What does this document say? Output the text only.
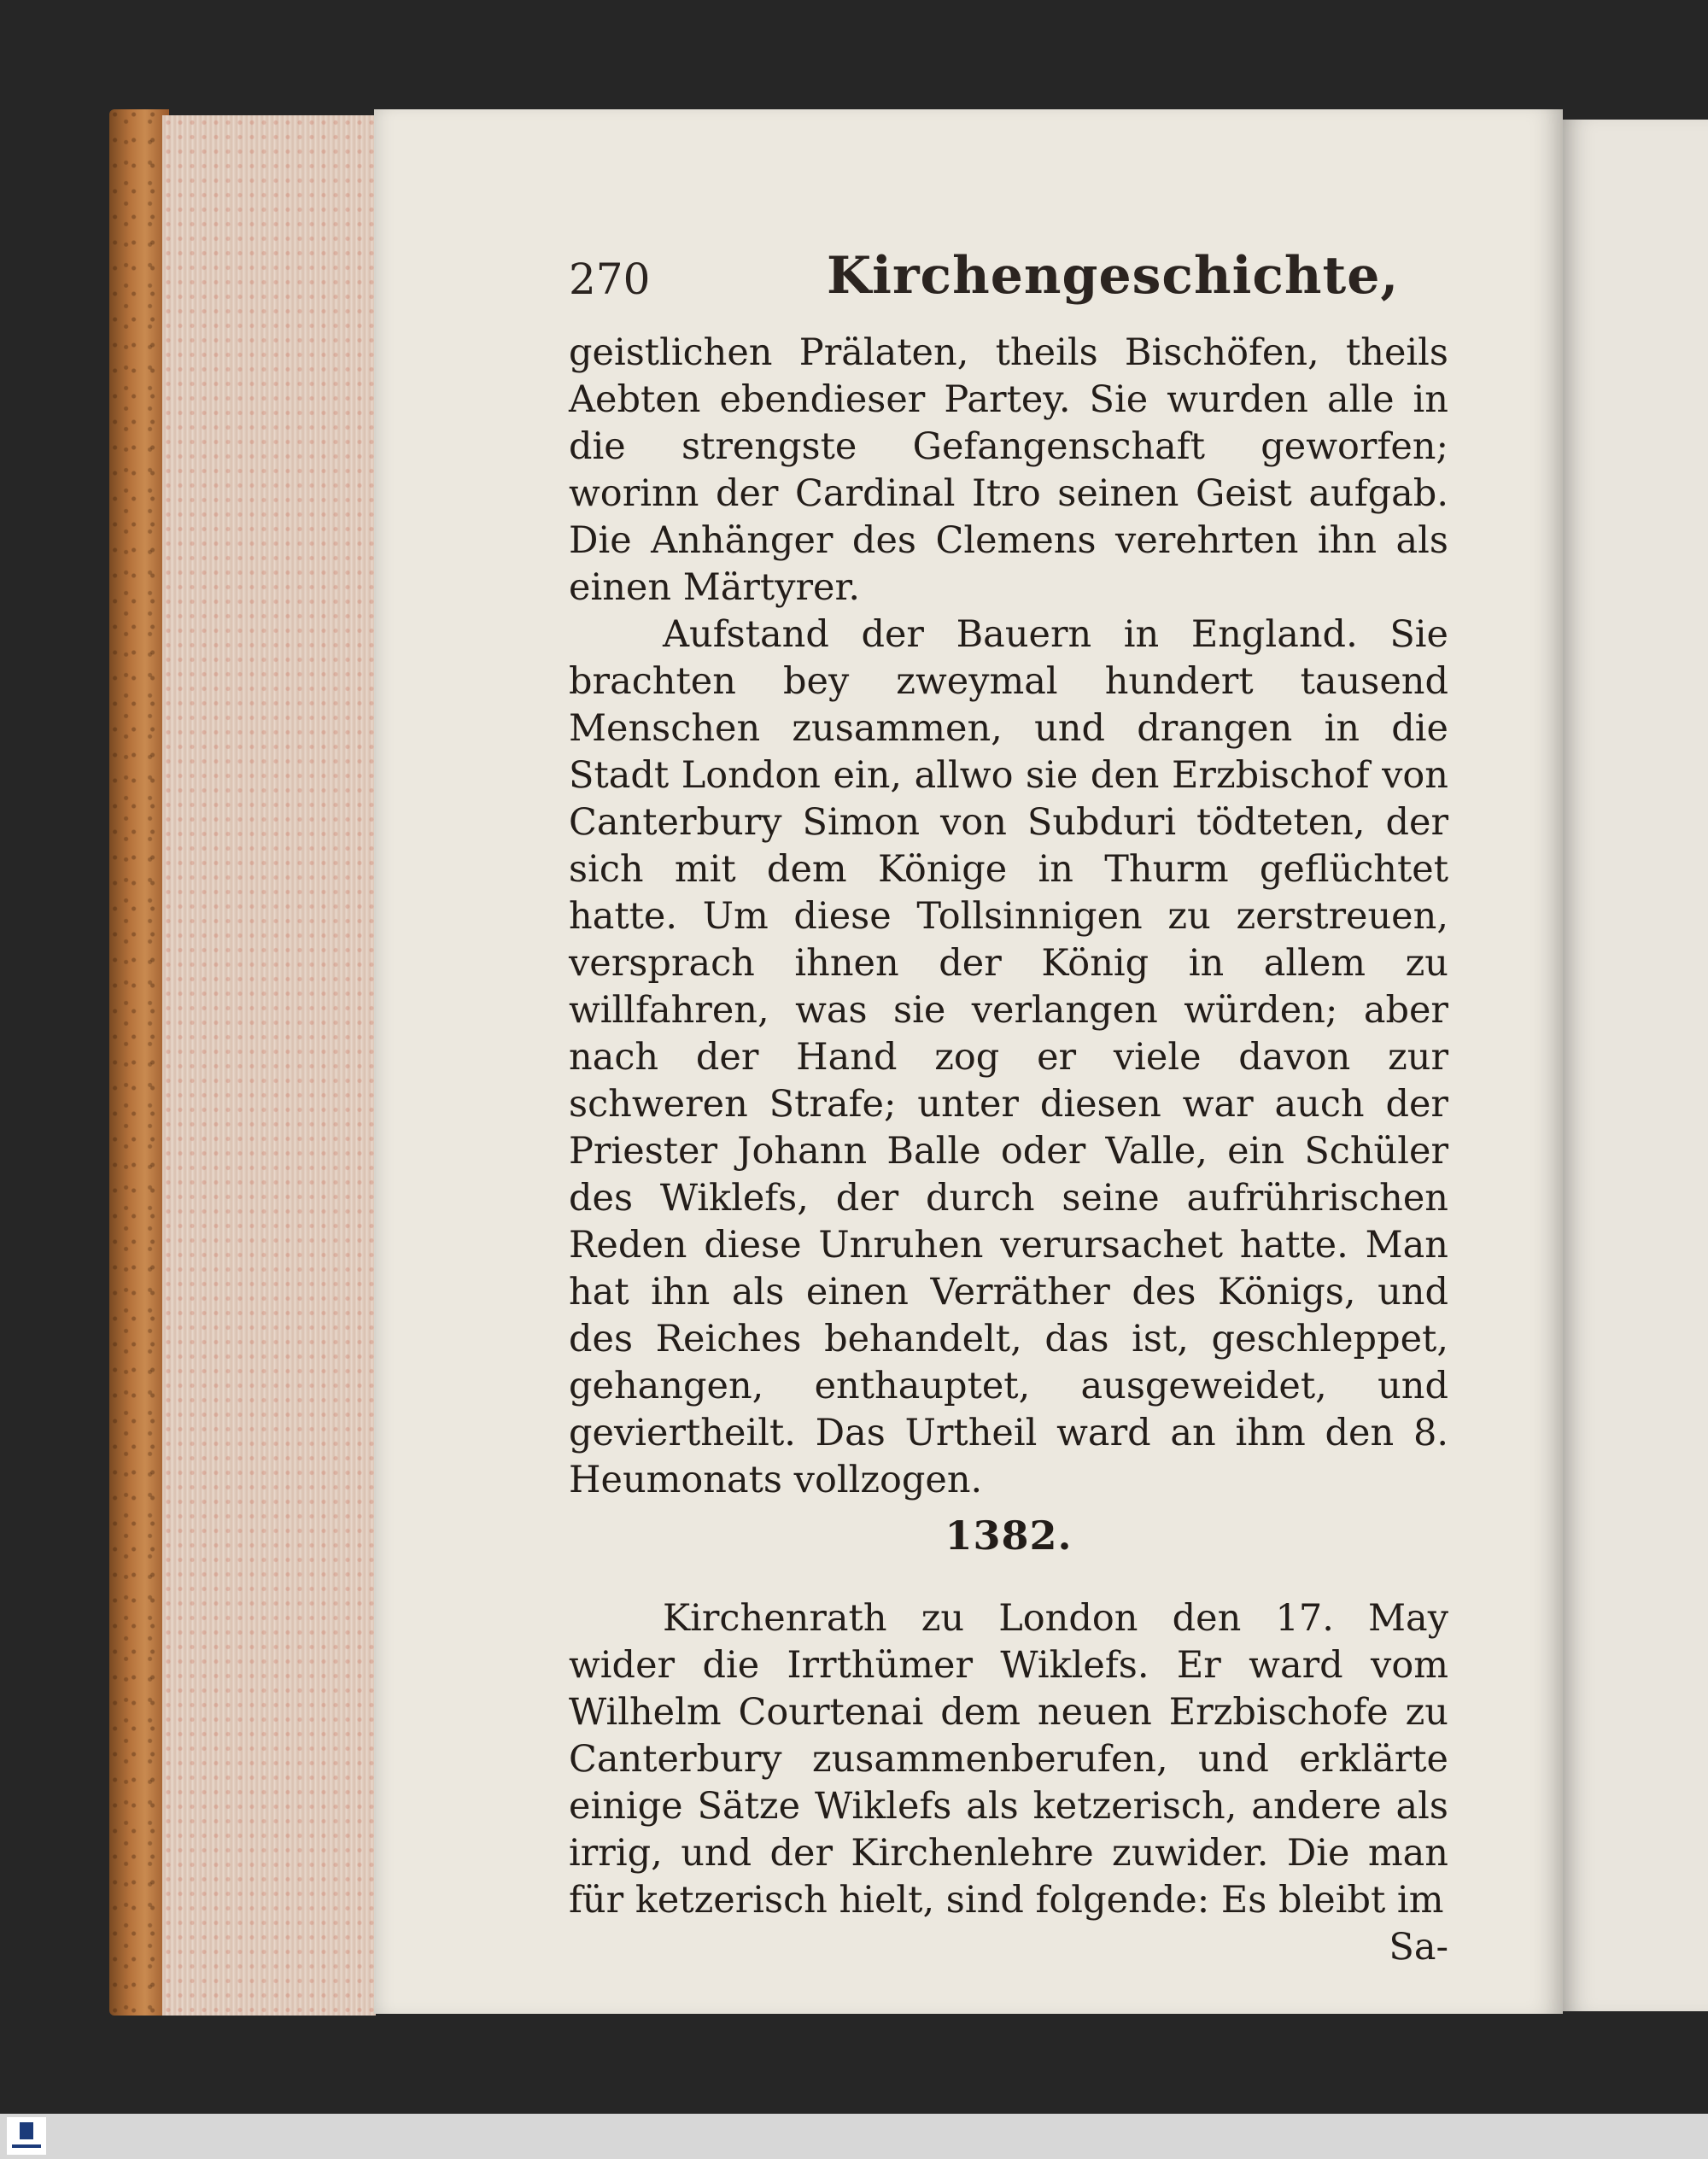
270	Kirchengeschichte,

geistlichen Prälaten, theils Bischöfen, theils Aebten ebendieser Partey. Sie wurden alle in die strengste Gefangenschaft geworfen; worinn der Cardinal Itro seinen Geist aufgab. Die Anhänger des Clemens verehrten ihn als einen Märtyrer.

Aufstand der Bauern in England. Sie brachten bey zweymal hundert tausend Menschen zusammen, und drangen in die Stadt London ein, allwo sie den Erzbischof von Canterbury Simon von Subduri tödteten, der sich mit dem Könige in Thurm geflüchtet hatte. Um diese Tollsinnigen zu zerstreuen, versprach ihnen der König in allem zu willfahren, was sie verlangen würden; aber nach der Hand zog er viele davon zur schweren Strafe; unter diesen war auch der Priester Johann Balle oder Valle, ein Schüler des Wiklefs, der durch seine aufrührischen Reden diese Unruhen verursachet hatte. Man hat ihn als einen Verräther des Königs, und des Reiches behandelt, das ist, geschleppet, gehangen, enthauptet, ausgeweidet, und geviertheilt. Das Urtheil ward an ihm den 8. Heumonats vollzogen.

1382.

Kirchenrath zu London den 17. May wider die Irrthümer Wiklefs. Er ward vom Wilhelm Courtenai dem neuen Erzbischofe zu Canterbury zusammenberufen, und erklärte einige Sätze Wiklefs als ketzerisch, andere als irrig, und der Kirchenlehre zuwider. Die man für ketzerisch hielt, sind folgende: Es bleibt im

Sa-
